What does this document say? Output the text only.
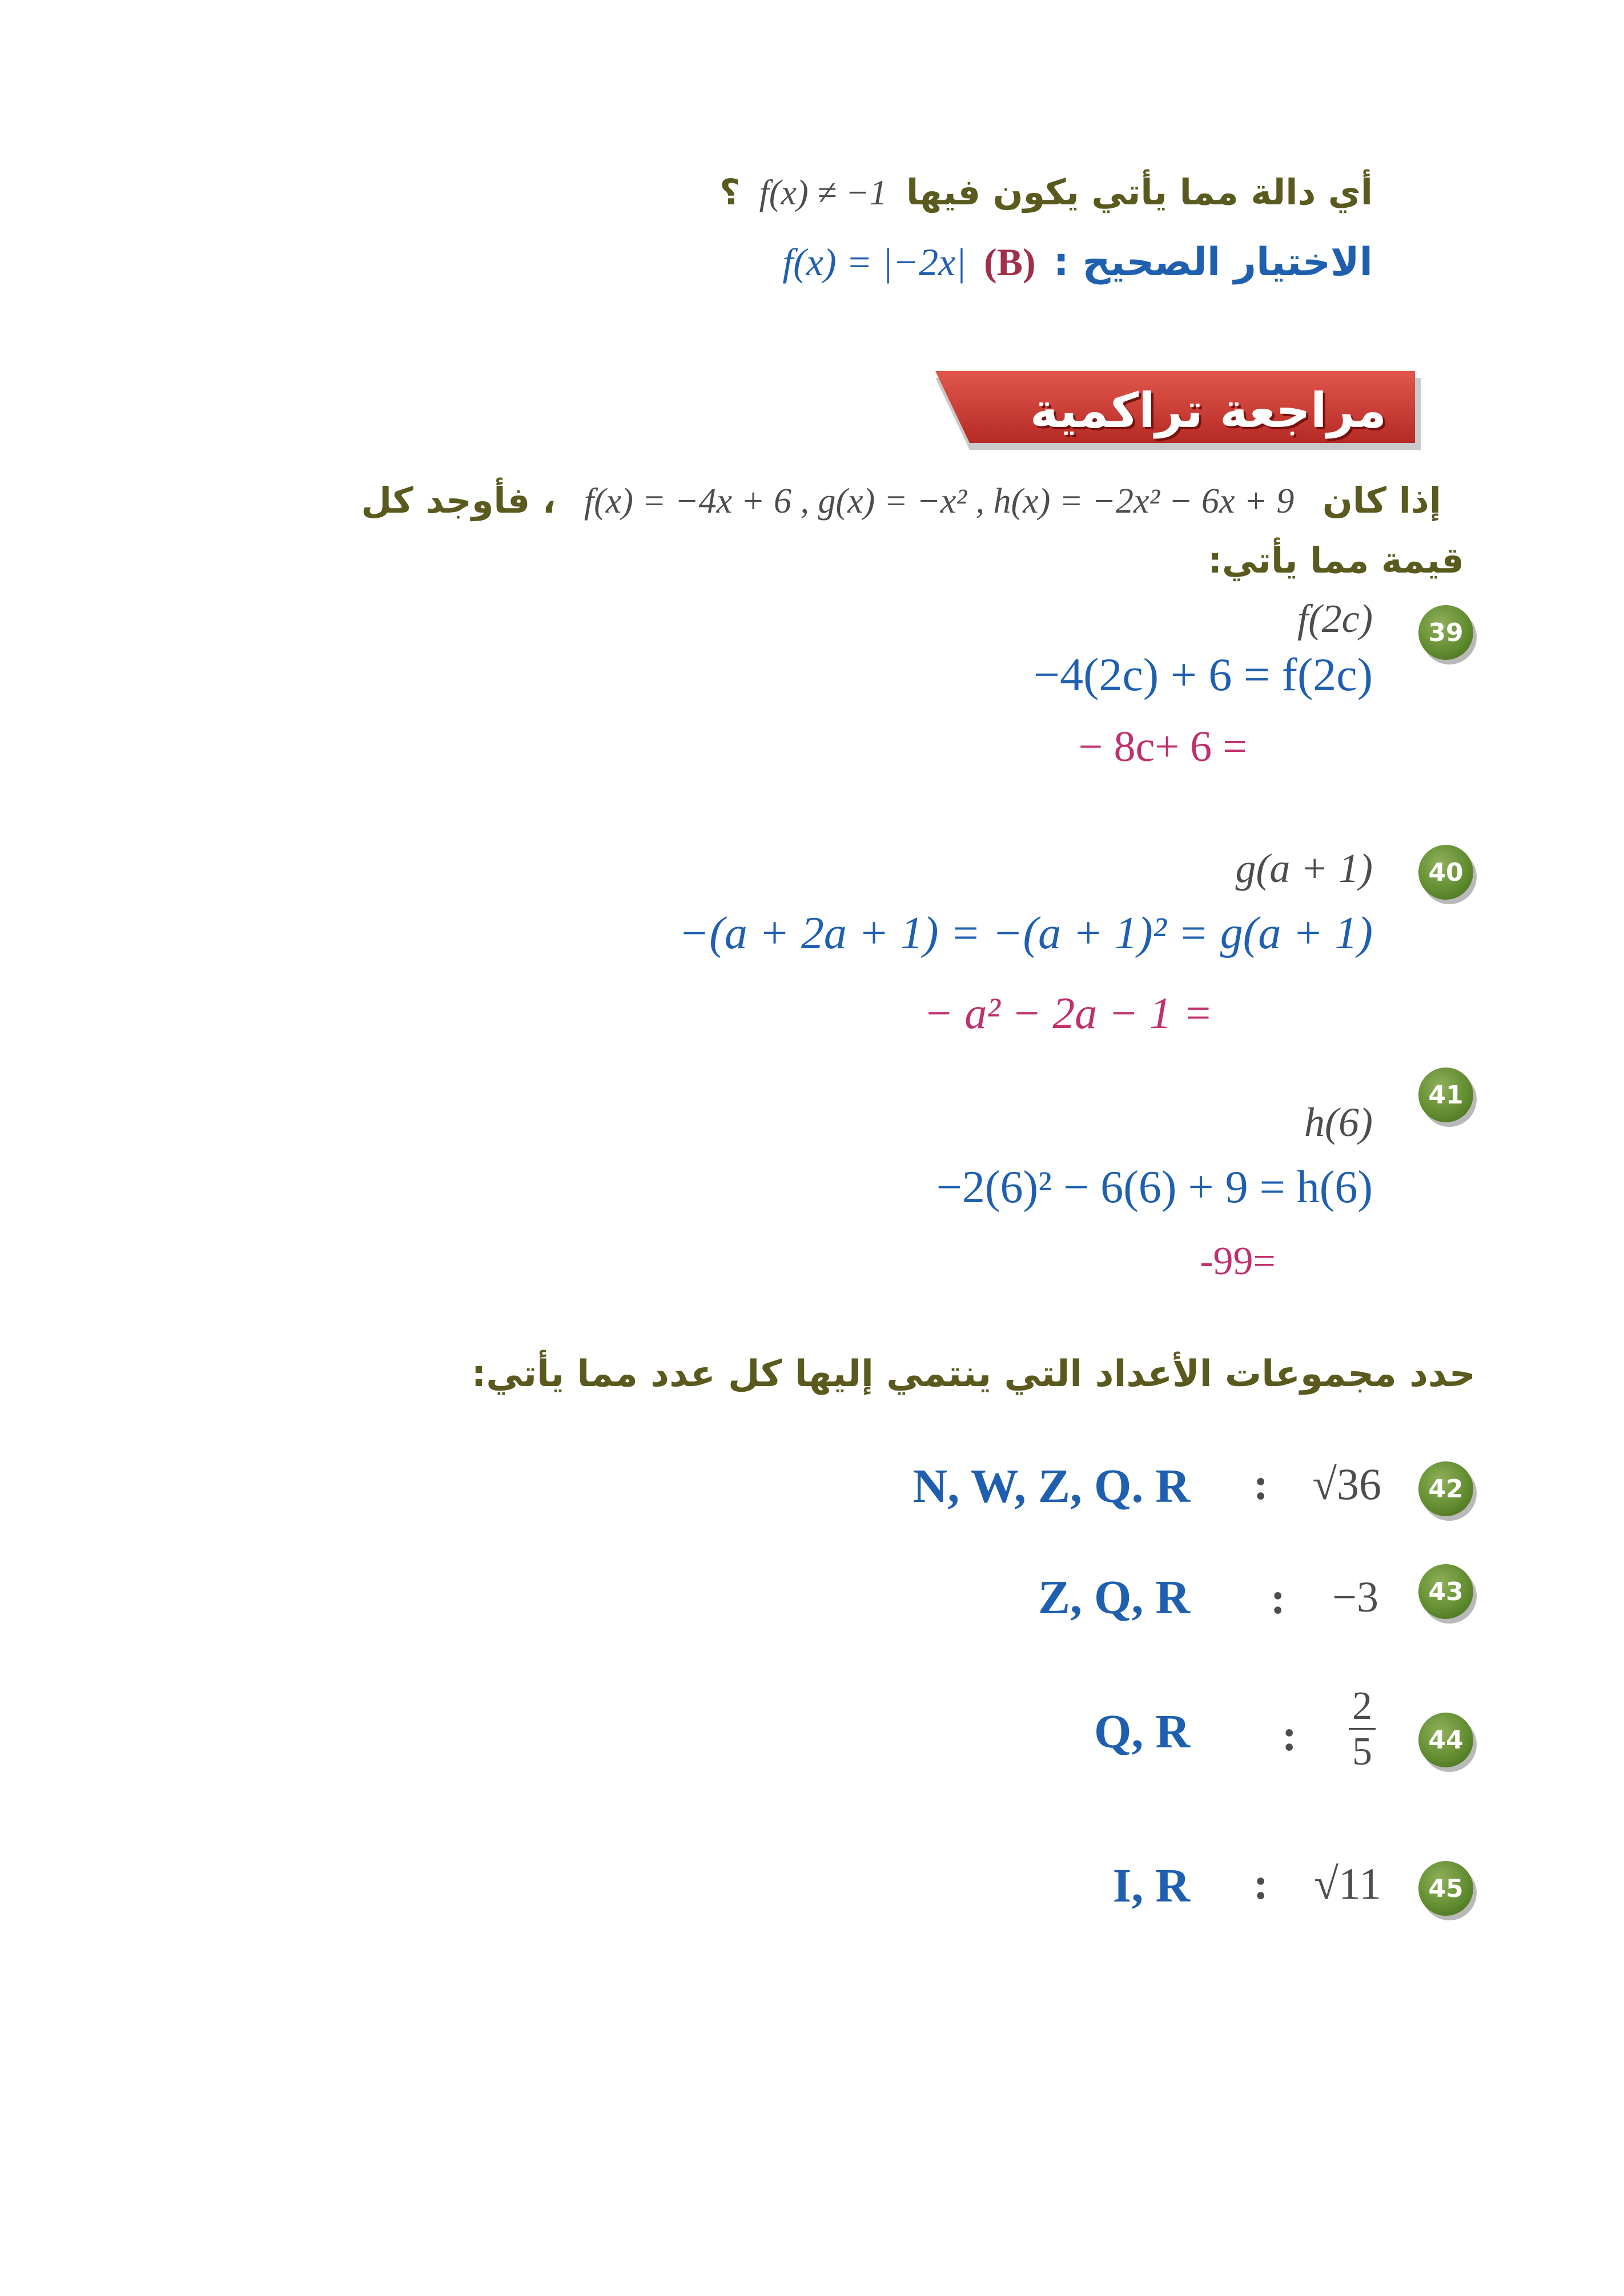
أي دالة مما يأتي يكون فيها f(x) ≠ −1 ؟
الاختيار الصحيح : (B) f(x) = |−2x|
مراجعة تراكمية
إذا كان f(x) = −4x + 6 , g(x) = −x² , h(x) = −2x² − 6x + 9 ، فأوجد كل
قيمة مما يأتي:
39
f(2c)
−4(2c) + 6 = f(2c)
− 8c+ 6 =
40
g(a + 1)
−(a + 2a + 1) = −(a + 1)² = g(a + 1)
− a² − 2a − 1 =
41
h(6)
−2(6)² − 6(6) + 9 = h(6)
-99=
حدد مجموعات الأعداد التي ينتمي إليها كل عدد مما يأتي:
42
√36
:
N, W, Z, Q. R
43
−3
:
Z, Q, R
44
$\frac{2}{5}$
:
Q, R
45
√11
:
I, R
